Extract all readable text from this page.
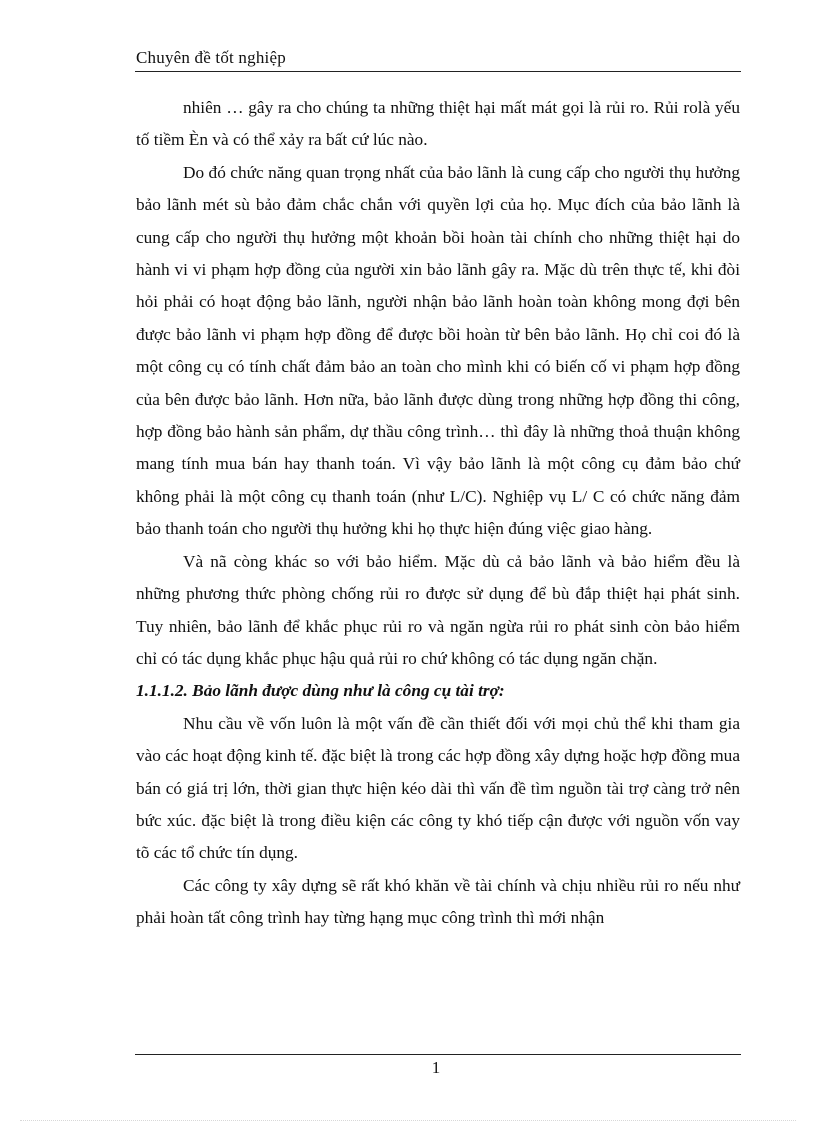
Chuyên đề tốt nghiệp

nhiên … gây ra cho chúng ta những thiệt hại mất mát gọi là rủi ro. Rủi rolà yếu tố tiềm Èn và có thể xảy ra bất cứ lúc nào.

Do đó chức năng quan trọng nhất của bảo lãnh là cung cấp cho người thụ hưởng bảo lãnh mét sù bảo đảm chắc chắn với quyền lợi của họ. Mục đích của bảo lãnh là cung cấp cho người thụ hưởng một khoản bồi hoàn tài chính cho những thiệt hại do hành vi vi phạm hợp đồng của người xin bảo lãnh gây ra. Mặc dù trên thực tế, khi đòi hỏi phải có hoạt động bảo lãnh, người nhận bảo lãnh hoàn toàn không mong đợi bên được bảo lãnh vi phạm hợp đồng để được bồi hoàn từ bên bảo lãnh. Họ chỉ coi đó là một công cụ có tính chất đảm bảo an toàn cho mình khi có biến cố vi phạm hợp đồng của bên được bảo lãnh. Hơn nữa, bảo lãnh được dùng trong những hợp đồng thi công, hợp đồng bảo hành sản phẩm, dự thầu công trình… thì đây là những thoả thuận không mang tính mua bán hay thanh toán. Vì vậy bảo lãnh là một công cụ đảm bảo chứ không phải là một công cụ thanh toán (như L/C). Nghiệp vụ L/ C có chức năng đảm bảo thanh toán cho người thụ hưởng khi họ thực hiện đúng việc giao hàng.

Và nã còng khác so với bảo hiểm. Mặc dù cả bảo lãnh và bảo hiểm đều là những phương thức phòng chống rủi ro được sử dụng để bù đắp thiệt hại phát sinh. Tuy nhiên, bảo lãnh để khắc phục rủi ro và ngăn ngừa rủi ro phát sinh còn bảo hiểm chỉ có tác dụng khắc phục hậu quả rủi ro chứ không có tác dụng ngăn chặn.

1.1.1.2. Bảo lãnh được dùng như là công cụ tài trợ:

Nhu cầu về vốn luôn là một vấn đề cần thiết đối với mọi chủ thể khi tham gia vào các hoạt động kinh tế. đặc biệt là trong các hợp đồng xây dựng hoặc hợp đồng mua bán có giá trị lớn, thời gian thực hiện kéo dài thì vấn đề tìm nguồn tài trợ càng trở nên bức xúc. đặc biệt là trong điều kiện các công ty khó tiếp cận được với nguồn vốn vay tõ các tổ chức tín dụng.

Các công ty xây dựng sẽ rất khó khăn về tài chính và chịu nhiều rủi ro nếu như phải hoàn tất công trình hay từng hạng mục công trình thì mới nhận

1
